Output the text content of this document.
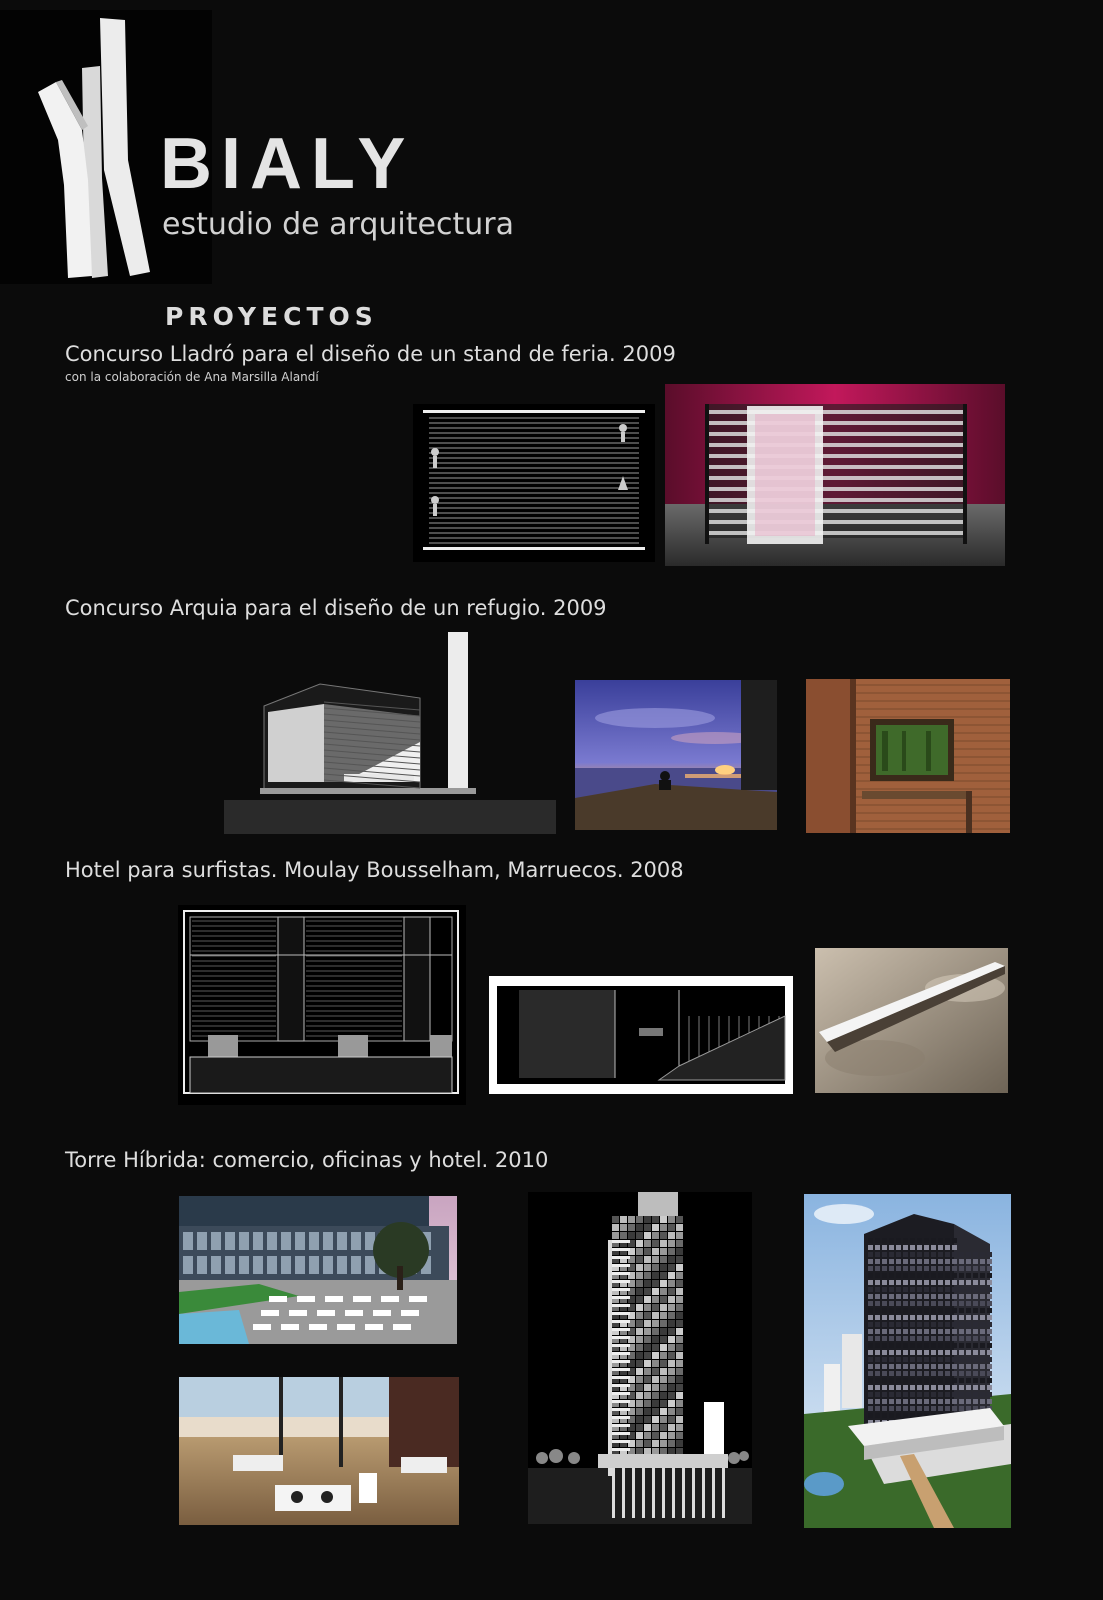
BIALY
estudio de arquitectura
PROYECTOS
Concurso Lladró para el diseño de un stand de feria. 2009
con la colaboración de Ana Marsilla Alandí
Concurso Arquia para el diseño de un refugio. 2009
Hotel para surfistas. Moulay Bousselham, Marruecos. 2008
Torre Híbrida: comercio, oficinas y hotel. 2010
